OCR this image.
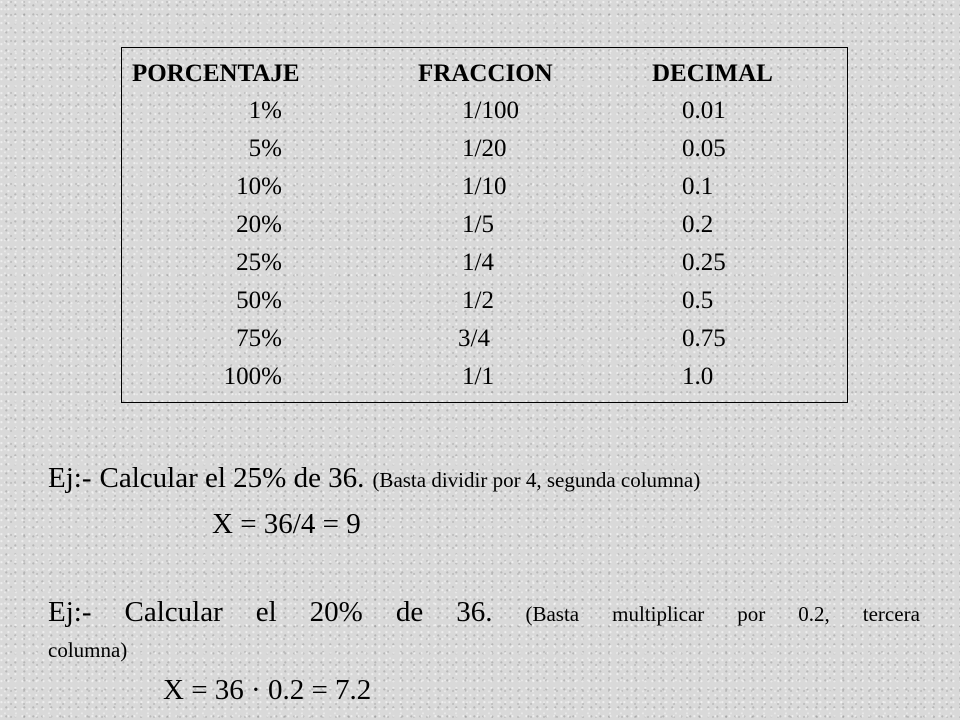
PORCENTAJE	FRACCION	DECIMAL
1%	1/100	0.01
5%	1/20	0.05
10%	1/10	0.1
20%	1/5	0.2
25%	1/4	0.25
50%	1/2	0.5
75%	3/4	0.75
100%	1/1	1.0
Ej:- Calcular el 25% de 36. (Basta dividir por 4, segunda columna)
X = 36/4 = 9
Ej:- Calcular el 20% de 36. (Basta multiplicar por 0.2, tercera
columna)
X = 36 · 0.2 = 7.2
